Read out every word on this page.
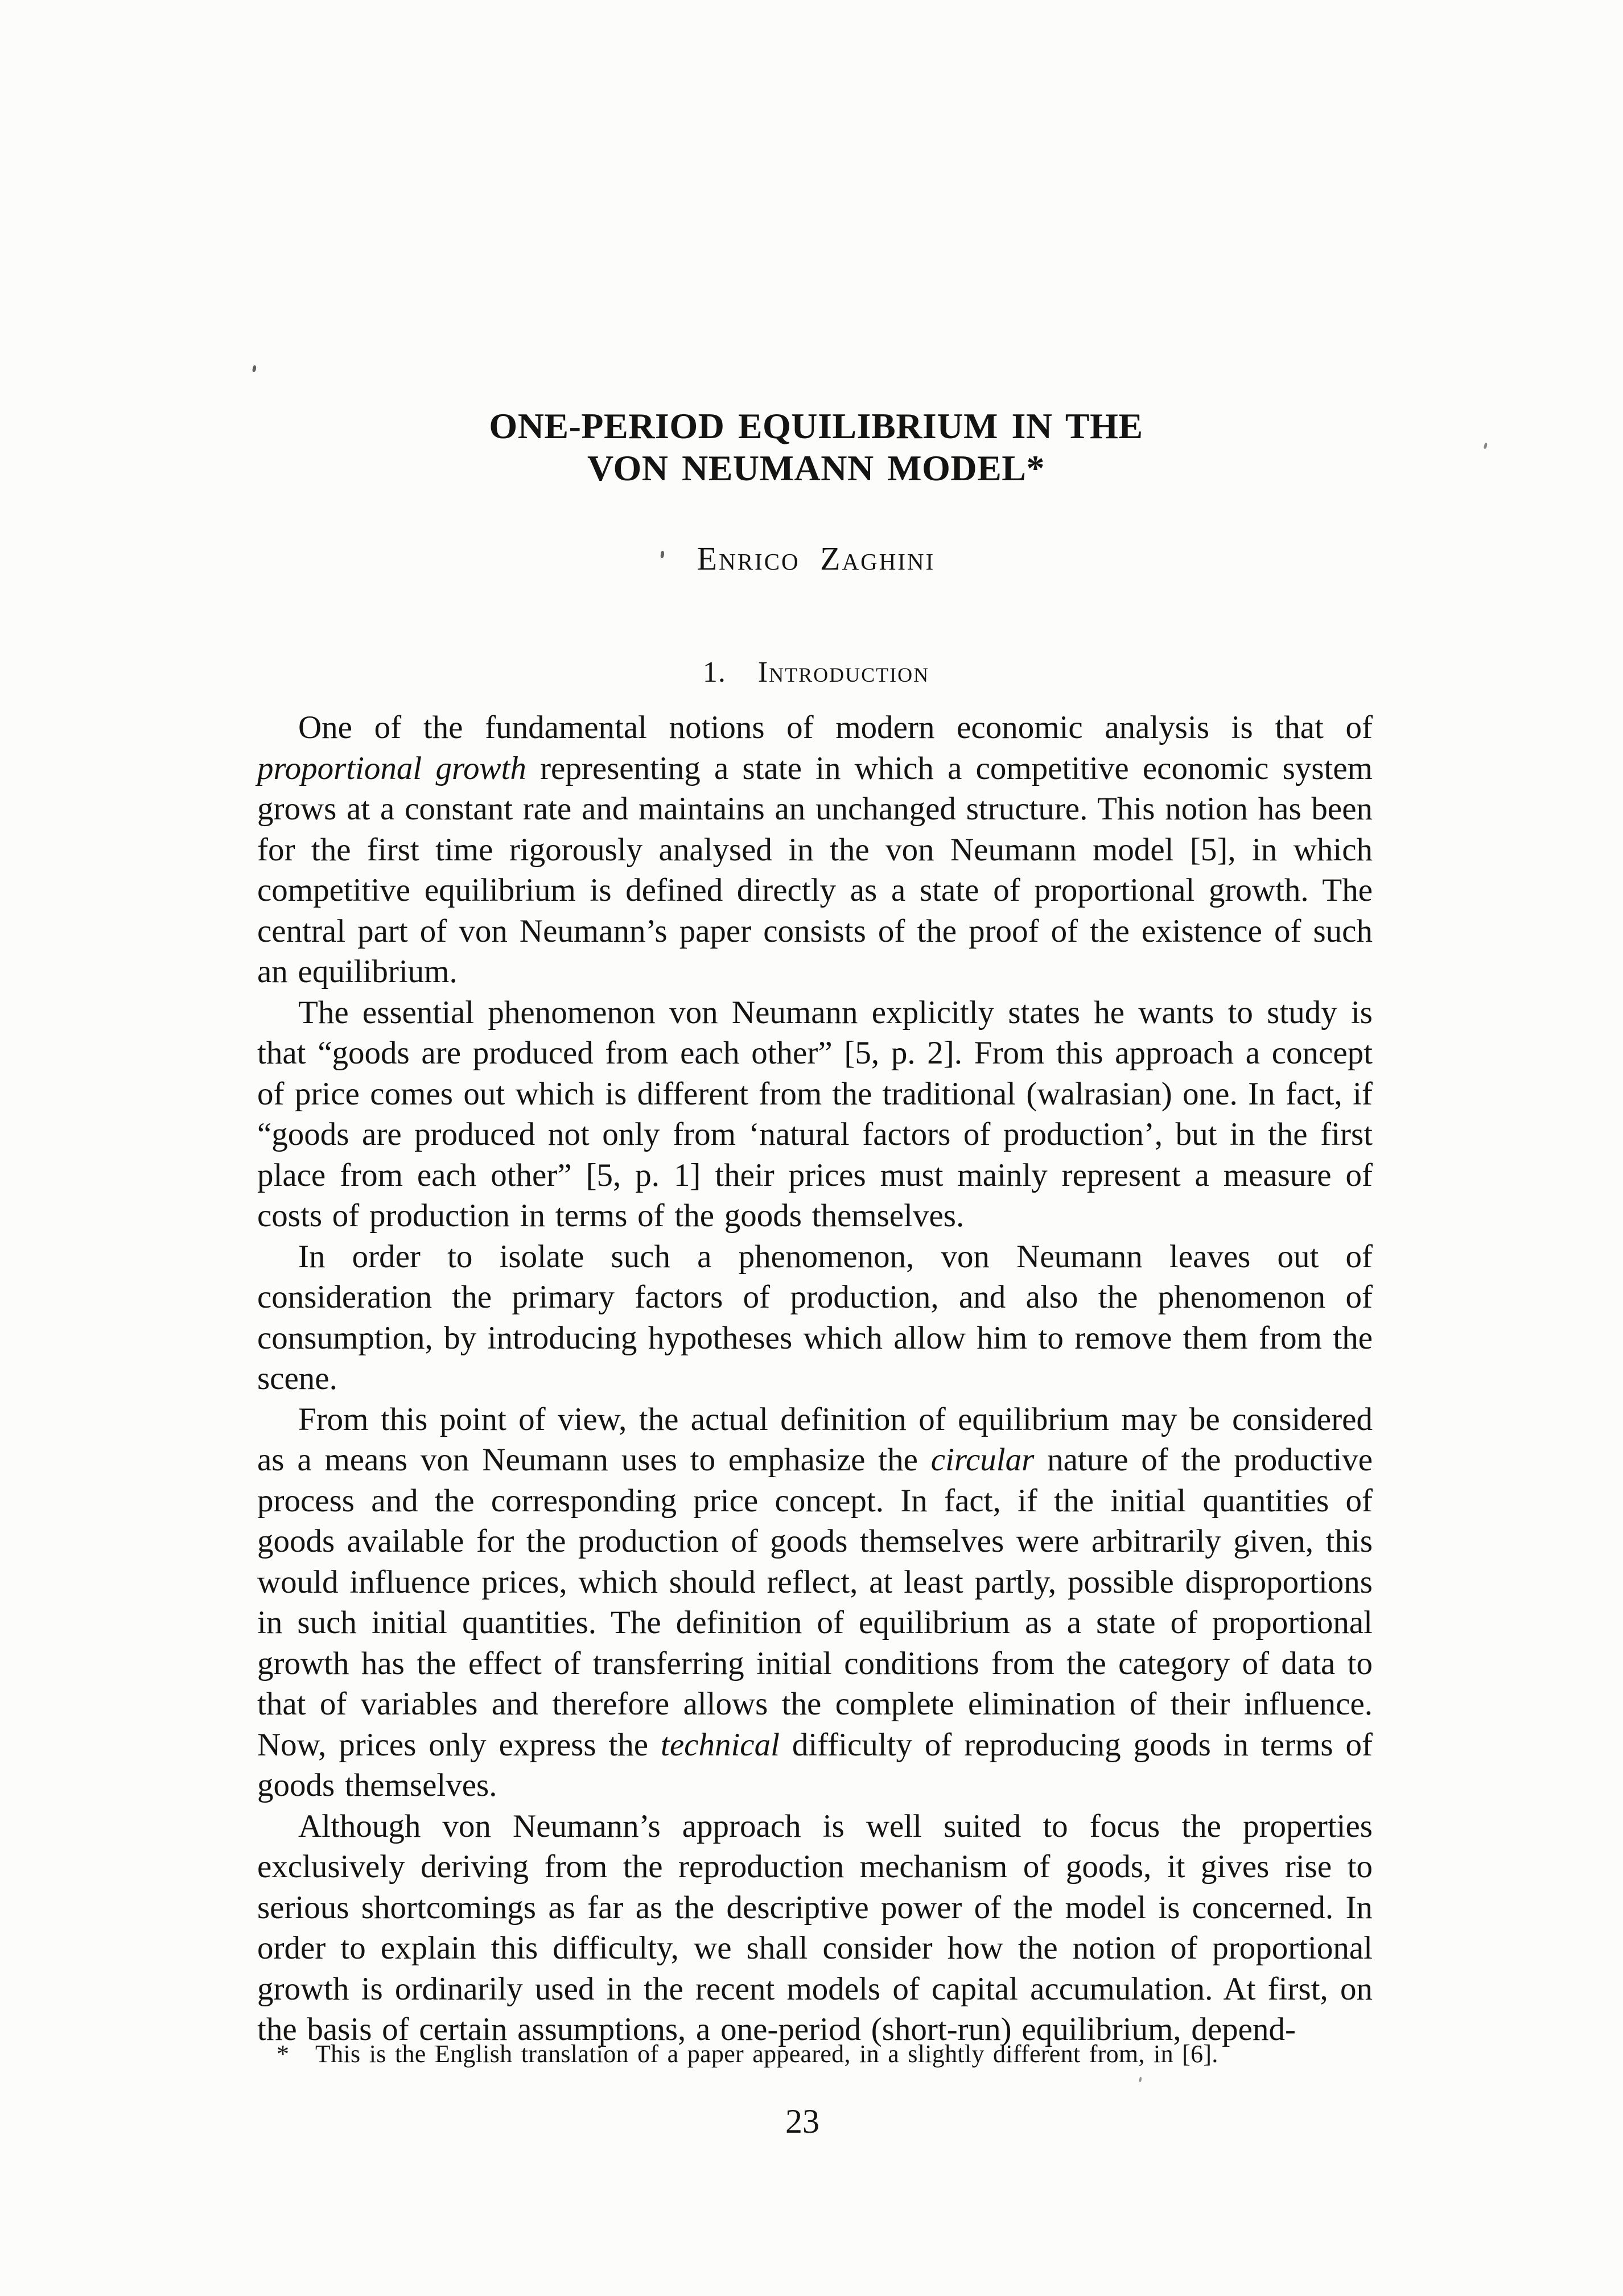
ONE-PERIOD EQUILIBRIUM IN THE
VON NEUMANN MODEL*
Enrico Zaghini
1. Introduction

One of the fundamental notions of modern economic analysis is that of proportional growth representing a state in which a competitive economic system grows at a constant rate and maintains an unchanged structure. This notion has been for the first time rigorously analysed in the von Neumann model [5], in which competitive equilibrium is defined directly as a state of proportional growth. The central part of von Neumann’s paper consists of the proof of the existence of such an equilibrium.

The essential phenomenon von Neumann explicitly states he wants to study is that “goods are produced from each other” [5, p. 2]. From this approach a concept of price comes out which is different from the traditional (walrasian) one. In fact, if “goods are produced not only from ‘natural factors of production’, but in the first place from each other” [5, p. 1] their prices must mainly represent a measure of costs of production in terms of the goods themselves.

In order to isolate such a phenomenon, von Neumann leaves out of consideration the primary factors of production, and also the phenomenon of consumption, by introducing hypotheses which allow him to remove them from the scene.

From this point of view, the actual definition of equilibrium may be considered as a means von Neumann uses to emphasize the circular nature of the productive process and the corresponding price concept. In fact, if the initial quantities of goods available for the production of goods themselves were arbitrarily given, this would influence prices, which should reflect, at least partly, possible disproportions in such initial quantities. The definition of equilibrium as a state of proportional growth has the effect of transferring initial conditions from the category of data to that of variables and therefore allows the complete elimination of their influence. Now, prices only express the technical difficulty of reproducing goods in terms of goods themselves.

Although von Neumann’s approach is well suited to focus the properties exclusively deriving from the reproduction mechanism of goods, it gives rise to serious shortcomings as far as the descriptive power of the model is concerned. In order to explain this difficulty, we shall consider how the notion of proportional growth is ordinarily used in the recent models of capital accumulation. At first, on the basis of certain assumptions, a one-period (short-run) equilibrium, depend-

* This is the English translation of a paper appeared, in a slightly different from, in [6].
23
